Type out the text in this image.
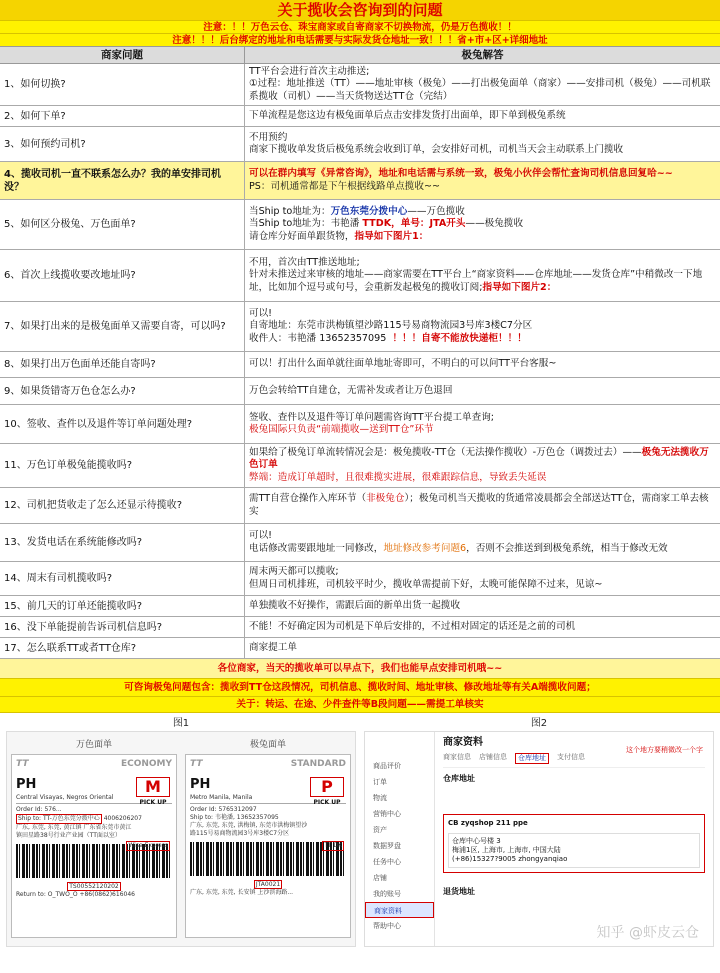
关于揽收会咨询到的问题
注意：！！万色云仓、珠宝商家或自寄商家不切换物流，仍是万色揽收！！
注意！！！后台绑定的地址和电话需要与实际发货仓地址一致！！！省+市+区+详细地址
商家问题	极兔解答
1、如何切换?
TT平台会进行首次主动推送;
①过程：地址推送（TT）——地址审核（极兔）——打出极兔面单（商家）——安排司机（极兔）——司机联系揽收（司机）——当天货物送达TT仓（完结）
2、如何下单?	下单流程是您这边有极兔面单后点击安排发货打出面单，即下单到极兔系统
3、如何预约司机?
不用预约
商家下揽收单发货后极兔系统会收到订单，会安排好司机，司机当天会主动联系上门揽收
4、揽收司机一直不联系怎么办？我的单安排司机没？
可以在群内填写《异常咨询》，地址和电话需与系统一致，极兔小伙伴会帮忙查询司机信息回复哈~~
PS：司机通常都是下午根据线路单点揽收~~
5、如何区分极兔、万色面单?
当Ship to地址为：万色东莞分拨中心——万色揽收
当Ship to地址为：韦艳潘 TTDK，单号：JTA开头——极兔揽收
请仓库分好面单跟货物，指导如下图片1：
6、首次上线揽收要改地址吗?
不用，首次由TT推送地址;
针对未推送过来审核的地址——商家需要在TT平台上“商家资料——仓库地址——发货仓库”中稍微改一下地址，比如加个逗号或句号，会重新发起极兔的揽收订阅;指导如下图片2：
7、如果打出来的是极兔面单又需要自寄，可以吗?
可以!
自寄地址：东莞市洪梅镇望沙路115号易商物流园3号库3楼C7分区
收件人：韦艳潘 13652357095 ！！！自寄不能放快递柜！！！
8、如果打出万色面单还能自寄吗?	可以！打出什么面单就往面单地址寄即可，不明白的可以问TT平台客服~
9、如果货错寄万色仓怎么办?	万色会转给TT自建仓，无需补发或者让万色退回
10、签收、查件以及退件等订单问题处理?
签收、查件以及退件等订单问题需咨询TT平台提工单查询;
极兔国际只负责“前端揽收—送到TT仓”环节
11、万色订单极兔能揽收吗?
如果给了极兔订单流转情况会是：极兔揽收-TT仓（无法操作揽收）-万色仓（调拨过去）——极兔无法揽收万色订单
弊端：造成订单超时，且很难揽实进展，很难跟踪信息，导致丢失延误
12、司机把货收走了怎么还显示待揽收?
需TT自营仓操作入库环节（非极兔仓）；极兔司机当天揽收的货通常凌晨都会全部送达TT仓，需商家工单去核实
13、发货电话在系统能修改吗?
可以!
电话修改需要跟地址一同修改，地址修改参考问题6，否则不会推送到到极兔系统，相当于修改无效
14、周末有司机揽收吗?
周末两天都可以揽收;
但周日司机排班，司机较平时少，揽收单需提前下好，太晚可能保障不过来，见谅~
15、前几天的订单还能揽收吗?	单独揽收不好操作，需跟后面的新单出货一起揽收
16、没下单能提前告诉司机信息吗?	不能！不好确定因为司机是下单后安排的，不过相对固定的话还是之前的司机
17、怎么联系TT或者TT仓库?	商家提工单
各位商家，当天的揽收单可以早点下，我们也能早点安排司机哦~~
可咨询极兔问题包含：揽收到TT仓这段情况，司机信息、揽收时间、地址审核、修改地址等有关A端揽收问题；
关于：转运、在途、少件查件等B段问题——需提工单核实
图1
万色面单
TT	ECONOMY
PH
Central Visayas, Negros Oriental
M
PICK UP
Order Id: 576...
Ship to: TT-万色东莞分拨中心 4006206207
广东, 东莞, 东莞, 黄江镇 广东省东莞市黄江镇田星路38号行业产业园（TT面以室）
Wise Express
TS00552120202
Return to: O_TWO_O +86(0862)616046
极兔面单
TT	STANDARD
PH
Metro Manila, Manila
P
PICK UP
Order Id: 5765312097
Ship to: 韦艳潘, 13652357095
广东, 东莞, 东莞, 洪梅镇, 东莞市洪梅镇望沙路115号易商物流园3号库3楼C7分区
TT DK
JTA0021
广东, 东莞, 东莞, 长安镇 上沙滨海路...
图2
商品评价
订单
物流
营销中心
资产
数据罗盘
任务中心
店铺
我的账号
商家资料
帮助中心
商家资料
商家信息 店铺信息	仓库地址	支付信息
这个地方要稍微改一个字
仓库地址
CB zyqshop 211 ppe
仓库中心号楼 3
梅浦1区, 上海市, 上海市, 中国大陆
(+86)15327?9005 zhongyanqiao
退货地址
知乎 @虾皮云仓
